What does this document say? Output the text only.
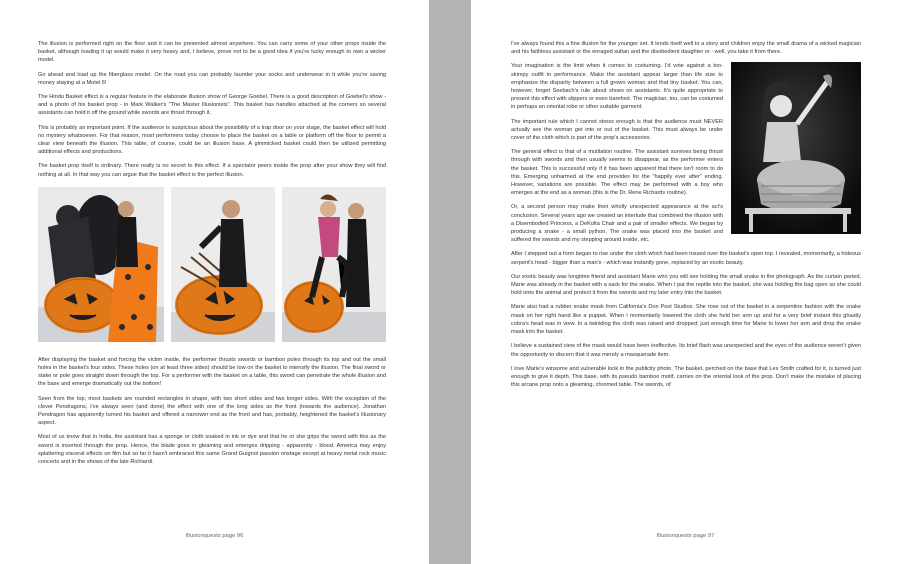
The illusion is performed right on the floor and it can be presented almost anywhere. You can carry some of your other props inside the basket, although loading it up would make it very heavy and, I believe, prove not to be a good idea if you're lucky enough to own a wicker model.

Go ahead and load up the fiberglass model. On the road you can probably launder your socks and underwear in it while you're saving money staying at a Motel 6!

The Hindu Basket effect is a regular feature in the elaborate illusion show of George Goebel. There is a good description of Goebel's show - and a photo of his basket prop - in Mark Walker's "The Master Illusionists". This basket has handles attached at the corners so several assistants can hold it off the ground while swords are thrust through it.

This is probably an important point. If the audience is suspicious about the possibility of a trap door on your stage, the basket effect will hold no mystery whatsoever. For that reason, most performers today choose to place the basket on a table or platform off the floor to permit a clear view beneath the illusion. This table, of course, could be an illusion base. A gimmicked basket could then be utilized permitting additional effects and productions.

The basket prop itself is ordinary. There really is no secret to this effect. If a spectator peers inside the prop after your show they will find nothing at all. In that way you can argue that the basket effect is the perfect illusion.

After displaying the basket and forcing the victim inside, the performer thrusts swords or bamboo poles through its top and out the small holes in the basket's four sides. These holes (on at least three sides) should be low on the basket to intensify the illusion. The final sword or stake or pole goes straight down through the top. For a performer with the basket on a table, this sword can penetrate the whole illusion and the base and emerge dramatically out the bottom!

Seen from the top, most baskets are rounded rectangles in shape, with two short sides and two longer sides. With the exception of the clever Pendragons, I've always seen (and done) the effect with one of the long sides as the front (towards the audience). Jonathan Pendragon has apparently turned his basket and offered a narrower end as the front and has, probably, heightened the basket's illusionary aspect.

Most of us know that in India, the assistant has a sponge or cloth soaked in ink or dye and that he or she grips the sword with this as the sword is inserted through the prop. Hence, the blade goes in gleaming and emerges dripping - apparently - blood. America may enjoy splattering visceral effects on film but so far it hasn't embraced this same Grand Guignol passion onstage except at heavy metal rock music concerts and in the shows of the late Richiardi.

Illusionquests page 96

I've always found this a fine illusion for the younger set. It lends itself well to a story and children enjoy the small drama of a wicked magician and his faithless assistant or the enraged sultan and the disobedient daughter or - well, you take it from there.

Your imagination is the limit when it comes to costuming. I'd vote against a too-skimpy outfit in performance. Make the assistant appear larger than life size to emphasize the disparity between a full grown woman and that tiny basket. You can, however, forget Seebach's rule about shoes on assistants. It's quite appropriate to present this effect with slippers or even barefoot. The magician, too, can be costumed in perhaps an oriental robe or other suitable garment.

The important rule which I cannot stress enough is that the audience must NEVER actually see the woman get into or out of the basket. This must always be under cover of the cloth which is part of the prop's accessories.

The general effect is that of a mutilation routine. The assistant survives being thrust through with swords and then usually seems to disappear, as the performer enters the basket. This is successful only if it has been apparent that there isn't room to do this. Emerging unharmed at the end provides for the "happily ever after" ending. However, variations are possible. The effect may be performed with a boy who emerges at the end as a woman (this is the Dr. Rene Richards routine).

Or, a second person may make their wholly unexpected appearance at the act's conclusion. Several years ago we created an interlude that combined the illusion with a Disembodied Princess, a DeKolta Chair and a pair of smaller effects. We began by producing a snake - a small python. The snake was placed into the basket and suffered the swords and my stepping around inside, etc.

After I stepped out a form began to rise under the cloth which had been tossed over the basket's open top. I revealed, momentarily, a hideous serpent's head - bigger than a man's - which was instantly gone, replaced by an exotic beauty.

Our exotic beauty was longtime friend and assistant Marie who you will see holding the small snake in the photograph. As the curtain parted, Marie was already in the basket with a sack for the snake. When I put the reptile into the basket, she was holding the bag open so she could hold onto the animal and protect it from the swords and my later entry into the basket.

Marie also had a rubber snake mask from California's Don Post Studios. She rose out of the basket in a serpentine fashion with the snake mask on her right hand like a puppet. When I momentarily lowered the cloth she held her arm up and for a very brief instant this ghastly cobra's head was in view. In a twinkling the cloth was raised and dropped; just enough time for Marie to lower her arm and drop the snake mask into the basket.

I believe a sustained view of the mask would have been ineffective. Its brief flash was unexpected and the eyes of the audience weren't given the opportunity to discern that it was merely a masquerade item.

I love Marie's winsome and vulnerable look in the publicity photo. The basket, perched on the base that Les Smith crafted for it, is turned just enough to give it depth. This base, with its pseudo bamboo motif, carries on the oriental look of the prop. Don't make the mistake of placing this arcane prop onto a gleaming, chromed table. The swords, of

Illusionquests page 97
